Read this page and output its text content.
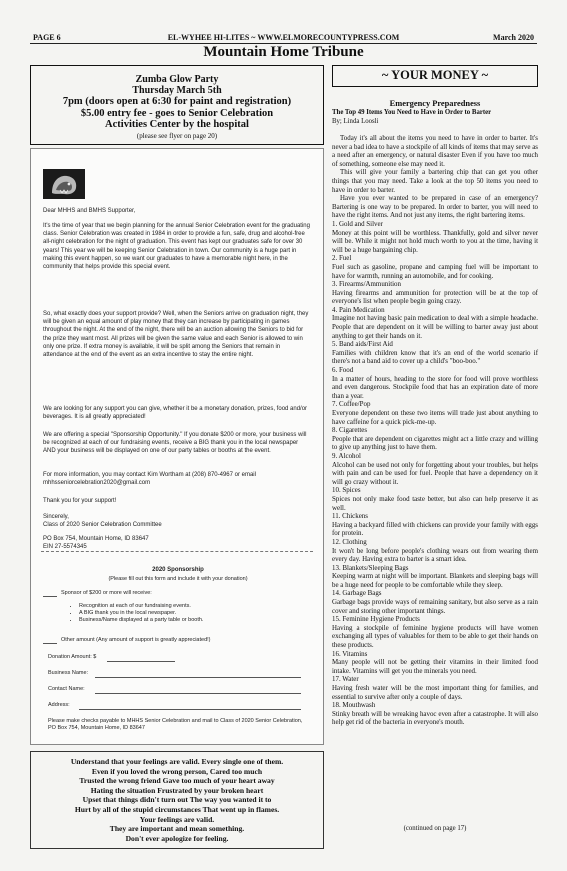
PAGE 6	EL-WYHEE HI-LITES ~ WWW.ELMORECOUNTYPRESS.COM	March 2020
Mountain Home Tribune
Zumba Glow Party
Thursday March 5th
7pm (doors open at 6:30 for paint and registration)
$5.00 entry fee - goes to Senior Celebration
Activities Center by the hospital
(please see flyer on page 20)
Dear MHHS and BMHS Supporter,
It's the time of year that we begin planning for the annual Senior Celebration event for the graduating class. Senior Celebration was created in 1984 in order to provide a fun, safe, drug and alcohol-free all-night celebration for the night of graduation. This event has kept our graduates safe for over 30 years! This year we will be keeping Senior Celebration in town. Our community is a huge part in making this event happen, so we want our graduates to have a memorable night here, in the community that helps provide this special event.
So, what exactly does your support provide? Well, when the Seniors arrive on graduation night, they will be given an equal amount of play money that they can increase by participating in games throughout the night. At the end of the night, there will be an auction allowing the Seniors to bid for the prize they want most. All prizes will be given the same value and each Senior is allowed to win only one prize. If extra money is available, it will be split among the Seniors that remain in attendance at the end of the event as an extra incentive to stay the entire night.
We are looking for any support you can give, whether it be a monetary donation, prizes, food and/or beverages. It is all greatly appreciated!
We are offering a special "Sponsorship Opportunity." If you donate $200 or more, your business will be recognized at each of our fundraising events, receive a BIG thank you in the local newspaper AND your business will be displayed on one of our party tables or booths at the event.
For more information, you may contact Kim Wortham at (208) 870-4967 or email mhhsseniorcelebration2020@gmail.com
Thank you for your support!
Sincerely,
Class of 2020 Senior Celebration Committee
PO Box 754, Mountain Home, ID 83647
EIN 27-5574345
2020 Sponsorship
(Please fill out this form and include it with your donation)
Sponsor of $200 or more will receive:
• Recognition at each of our fundraising events.
• A BIG thank you in the local newspaper.
• Business/Name displayed at a party table or booth.
Other amount (Any amount of support is greatly appreciated!)
Donation Amount: $
Business Name:
Contact Name:
Address:
Please make checks payable to MHHS Senior Celebration and mail to Class of 2020 Senior Celebration, PO Box 754, Mountain Home, ID 83647
Understand that your feelings are valid. Every single one of them.
Even if you loved the wrong person, Cared too much
Trusted the wrong friend Gave too much of your heart away
Hating the situation Frustrated by your broken heart
Upset that things didn't turn out The way you wanted it to
Hurt by all of the stupid circumstances That went up in flames.
Your feelings are valid.
They are important and mean something.
Don't ever apologize for feeling.
~ YOUR MONEY ~
Emergency Preparedness
The Top 49 Items You Need to Have in Order to Barter
By; Linda Loosli

Today it's all about the items you need to have in order to barter. It's never a bad idea to have a stockpile of all kinds of items that may serve as a need after an emergency, or natural disaster Even if you have too much of something, someone else may need it.

This will give your family a bartering chip that can get you other things that you may need. Take a look at the top 50 items you need to have in order to barter.

Have you ever wanted to be prepared in case of an emergency? Bartering is one way to be prepared. In order to barter, you will need to have the right items. And not just any items, the right bartering items.

1. Gold and Silver

Money at this point will be worthless. Thankfully, gold and silver never will be. While it might not hold much worth to you at the time, having it will be a huge bargaining chip.

2. Fuel

Fuel such as gasoline, propane and camping fuel will be important to have for warmth, running an automobile, and for cooking.

3. Firearms/Ammunition

Having firearms and ammunition for protection will be at the top of everyone's list when people begin going crazy.

4. Pain Medication

Imagine not having basic pain medication to deal with a simple headache. People that are dependent on it will be willing to barter away just about anything to get their hands on it.

5. Band aids/First Aid

Families with children know that it's an end of the world scenario if there's not a band aid to cover up a child's "boo-boo."

6. Food

In a matter of hours, heading to the store for food will prove worthless and even dangerous. Stockpile food that has an expiration date of more than a year.

7. Coffee/Pop

Everyone dependent on these two items will trade just about anything to have caffeine for a quick pick-me-up.

8. Cigarettes

People that are dependent on cigarettes might act a little crazy and willing to give up anything just to have them.

9. Alcohol

Alcohol can be used not only for forgetting about your troubles, but helps with pain and can be used for fuel. People that have a dependency on it will go crazy without it.

10. Spices

Spices not only make food taste better, but also can help preserve it as well.

11. Chickens

Having a backyard filled with chickens can provide your family with eggs for protein.

12. Clothing

It won't be long before people's clothing wears out from wearing them every day. Having extra to barter is a smart idea.

13. Blankets/Sleeping Bags

Keeping warm at night will be important. Blankets and sleeping bags will be a huge need for people to be comfortable while they sleep.

14. Garbage Bags

Garbage bags provide ways of remaining sanitary, but also serve as a rain cover and storing other important things.

15. Feminine Hygiene Products

Having a stockpile of feminine hygiene products will have women exchanging all types of valuables for them to be able to get their hands on these products.

16. Vitamins

Many people will not be getting their vitamins in their limited food intake. Vitamins will get you the minerals you need.

17. Water

Having fresh water will be the most important thing for families, and essential to survive after only a couple of days.

18. Mouthwash

Stinky breath will be wreaking havoc even after a catastrophe. It will also help get rid of the bacteria in everyone's mouth.

(continued on page 17)
